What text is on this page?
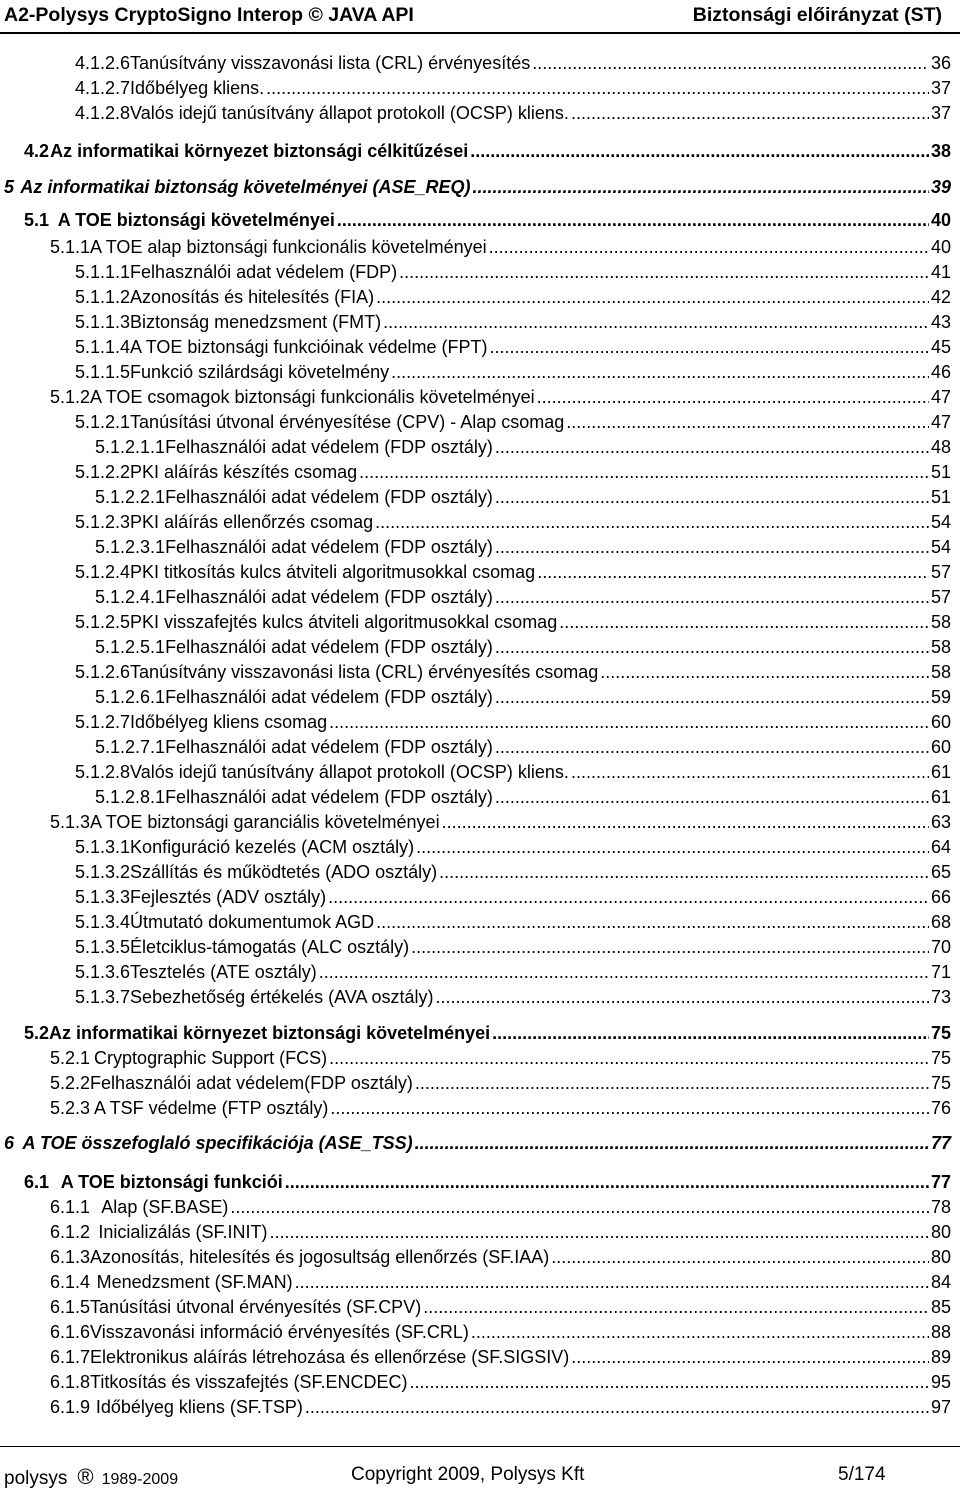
A2-Polysys CryptoSigno Interop © JAVA API	Biztonsági előirányzat (ST)
4.1.2.6 Tanúsítvány visszavonási lista (CRL) érvényesítés .....	36
4.1.2.7 Időbélyeg kliens. .....	37
4.1.2.8 Valós idejű tanúsítvány állapot protokoll (OCSP) kliens. .....	37
4.2 Az informatikai környezet biztonsági célkitűzései .....	38
5 Az informatikai biztonság követelményei (ASE_REQ) .....	39
5.1 A TOE biztonsági követelményei .....	40
5.1.1 A TOE alap biztonsági funkcionális követelményei .....	40
5.1.1.1 Felhasználói adat védelem (FDP) .....	41
5.1.1.2 Azonosítás és hitelesítés (FIA) .....	42
5.1.1.3 Biztonság menedzsment (FMT) .....	43
5.1.1.4 A TOE biztonsági funkcióinak védelme (FPT) .....	45
5.1.1.5 Funkció szilárdsági követelmény .....	46
5.1.2 A TOE csomagok biztonsági funkcionális követelményei .....	47
5.1.2.1 Tanúsítási útvonal érvényesítése (CPV) - Alap csomag .....	47
5.1.2.1.1 Felhasználói adat védelem (FDP osztály) .....	48
5.1.2.2 PKI aláírás készítés csomag .....	51
5.1.2.2.1 Felhasználói adat védelem (FDP osztály) .....	51
5.1.2.3 PKI aláírás ellenőrzés csomag .....	54
5.1.2.3.1 Felhasználói adat védelem (FDP osztály) .....	54
5.1.2.4 PKI titkosítás kulcs átviteli algoritmusokkal csomag .....	57
5.1.2.4.1 Felhasználói adat védelem (FDP osztály) .....	57
5.1.2.5 PKI visszafejtés kulcs átviteli algoritmusokkal csomag .....	58
5.1.2.5.1 Felhasználói adat védelem (FDP osztály) .....	58
5.1.2.6 Tanúsítvány visszavonási lista (CRL) érvényesítés csomag .....	58
5.1.2.6.1 Felhasználói adat védelem (FDP osztály) .....	59
5.1.2.7 Időbélyeg kliens csomag .....	60
5.1.2.7.1 Felhasználói adat védelem (FDP osztály) .....	60
5.1.2.8 Valós idejű tanúsítvány állapot protokoll (OCSP) kliens. .....	61
5.1.2.8.1 Felhasználói adat védelem (FDP osztály) .....	61
5.1.3 A TOE biztonsági garanciális követelményei .....	63
5.1.3.1 Konfiguráció kezelés (ACM osztály) .....	64
5.1.3.2 Szállítás és működtetés (ADO osztály) .....	65
5.1.3.3 Fejlesztés (ADV osztály) .....	66
5.1.3.4 Útmutató dokumentumok AGD .....	68
5.1.3.5 Életciklus-támogatás (ALC osztály) .....	70
5.1.3.6 Tesztelés (ATE osztály) .....	71
5.1.3.7 Sebezhetőség értékelés (AVA osztály) .....	73
5.2 Az informatikai környezet biztonsági követelményei .....	75
5.2.1 Cryptographic Support (FCS) .....	75
5.2.2 Felhasználói adat védelem(FDP osztály) .....	75
5.2.3 A TSF védelme (FTP osztály) .....	76
6 A TOE összefoglaló specifikációja (ASE_TSS) .....	77
6.1 A TOE biztonsági funkciói .....	77
6.1.1 Alap (SF.BASE) .....	78
6.1.2 Inicializálás (SF.INIT) .....	80
6.1.3 Azonosítás, hitelesítés és jogosultság ellenőrzés (SF.IAA) .....	80
6.1.4 Menedzsment (SF.MAN) .....	84
6.1.5 Tanúsítási útvonal érvényesítés (SF.CPV) .....	85
6.1.6 Visszavonási információ érvényesítés (SF.CRL) .....	88
6.1.7 Elektronikus aláírás létrehozása és ellenőrzése (SF.SIGSIV) .....	89
6.1.8 Titkosítás és visszafejtés (SF.ENCDEC) .....	95
6.1.9 Időbélyeg kliens (SF.TSP) .....	97
polysys ® 1989-2009	Copyright 2009, Polysys Kft	5/174
